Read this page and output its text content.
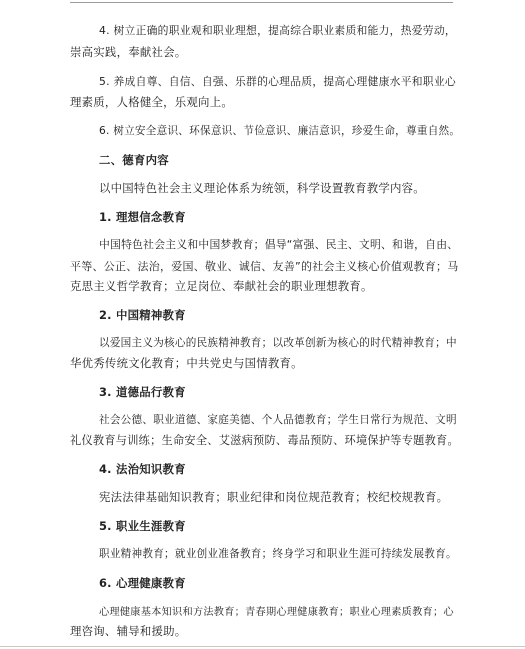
4. 树立正确的职业观和职业理想，提高综合职业素质和能力，热爱劳动，

崇高实践，奉献社会。

5. 养成自尊、自信、自强、乐群的心理品质，提高心理健康水平和职业心

理素质，人格健全，乐观向上。

6. 树立安全意识、环保意识、节俭意识、廉洁意识，珍爱生命，尊重自然。

二、德育内容

以中国特色社会主义理论体系为统领，科学设置教育教学内容。

1. 理想信念教育

中国特色社会主义和中国梦教育；倡导“富强、民主、文明、和谐，自由、

平等、公正、法治，爱国、敬业、诚信、友善”的社会主义核心价值观教育；马

克思主义哲学教育；立足岗位、奉献社会的职业理想教育。

2. 中国精神教育

以爱国主义为核心的民族精神教育；以改革创新为核心的时代精神教育；中

华优秀传统文化教育；中共党史与国情教育。

3. 道德品行教育

社会公德、职业道德、家庭美德、个人品德教育；学生日常行为规范、文明

礼仪教育与训练；生命安全、艾滋病预防、毒品预防、环境保护等专题教育。

4. 法治知识教育

宪法法律基础知识教育；职业纪律和岗位规范教育；校纪校规教育。

5. 职业生涯教育

职业精神教育；就业创业准备教育；终身学习和职业生涯可持续发展教育。

6. 心理健康教育

心理健康基本知识和方法教育；青春期心理健康教育；职业心理素质教育；心

理咨询、辅导和援助。
